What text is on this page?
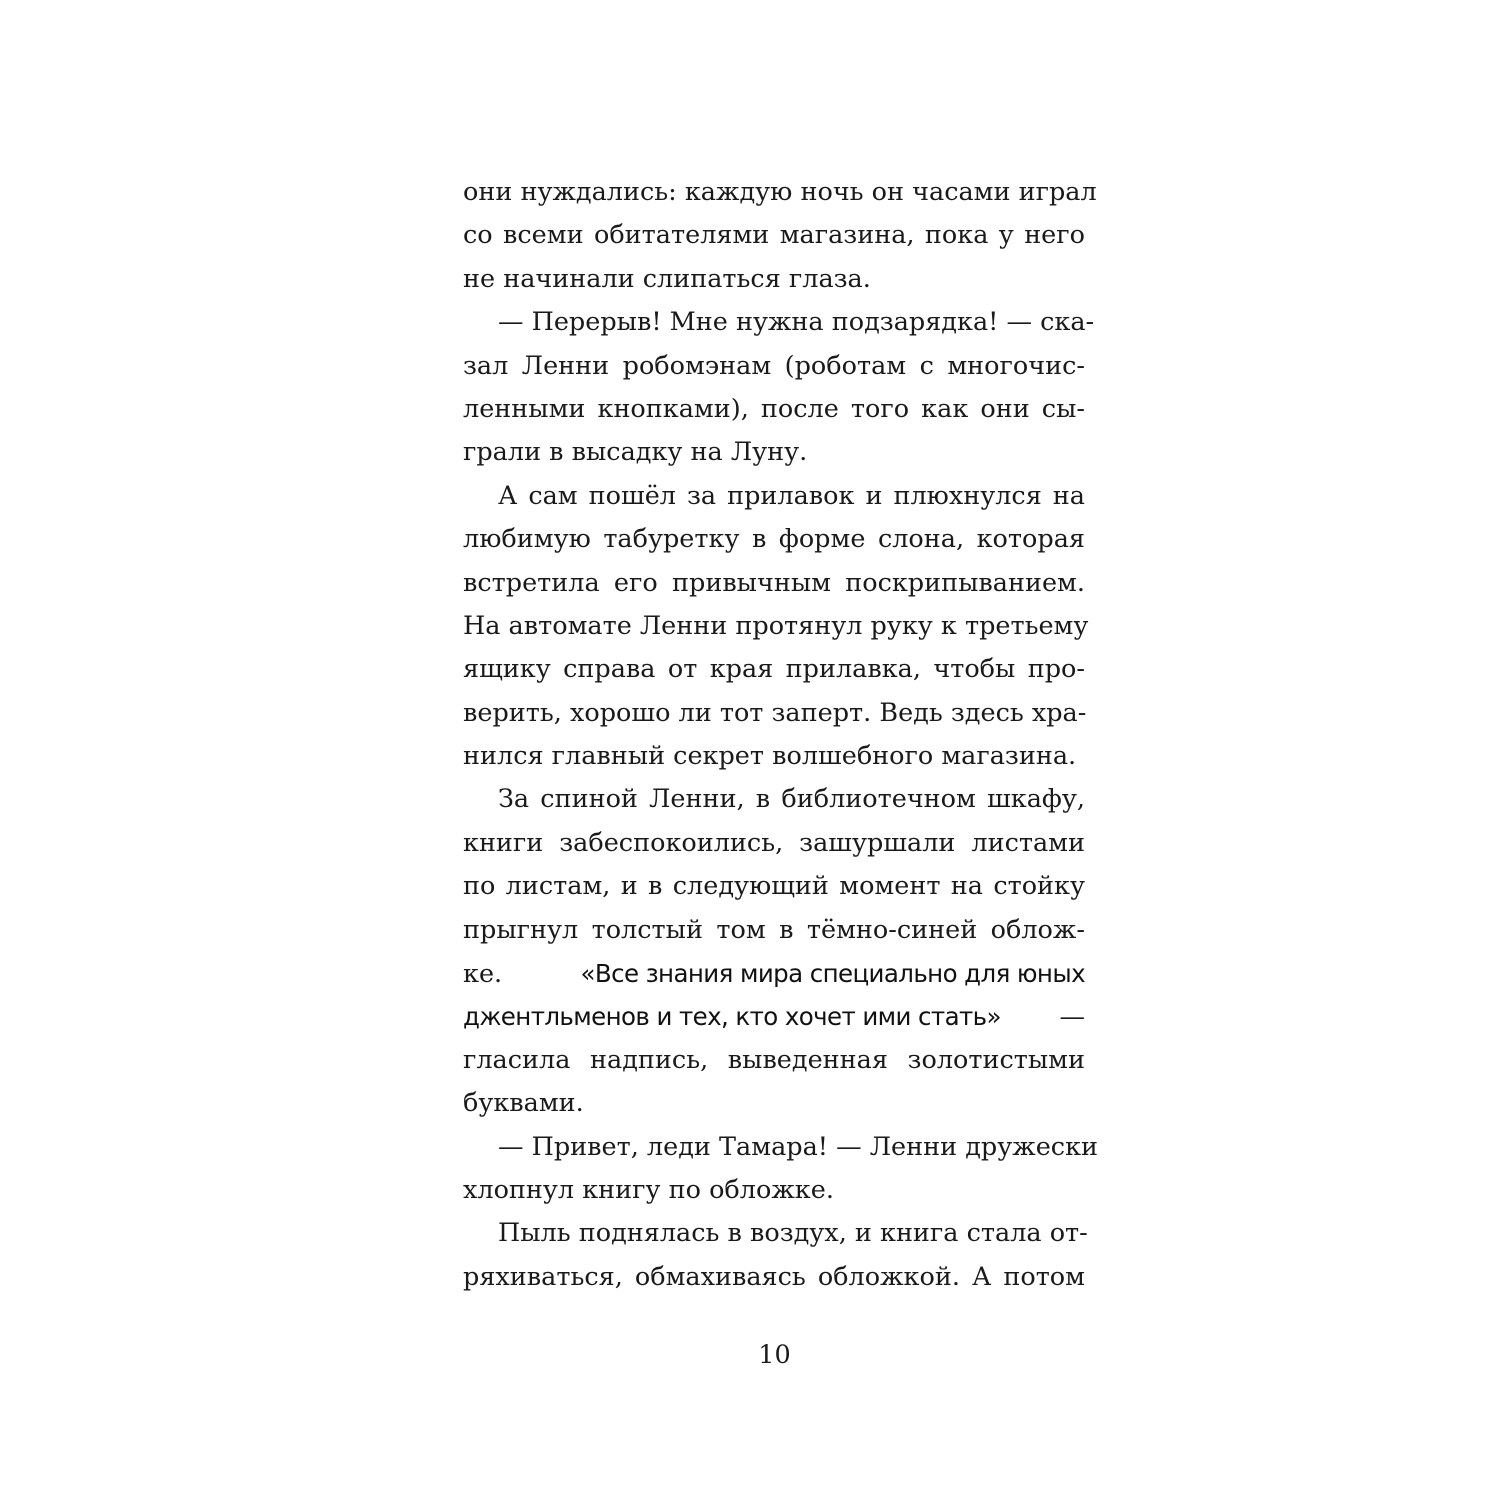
они нуждались: каждую ночь он часами играл
со всеми обитателями магазина, пока у него
не начинали слипаться глаза.
— Перерыв! Мне нужна подзарядка! — ска-
зал Ленни робомэнам (роботам с многочис-
ленными кнопками), после того как они сы-
грали в высадку на Луну.
А сам пошёл за прилавок и плюхнулся на
любимую табуретку в форме слона, которая
встретила его привычным поскрипыванием.
На автомате Ленни протянул руку к третьему
ящику справа от края прилавка, чтобы про-
верить, хорошо ли тот заперт. Ведь здесь хра-
нился главный секрет волшебного магазина.
За спиной Ленни, в библиотечном шкафу,
книги забеспокоились, зашуршали листами
по листам, и в следующий момент на стойку
прыгнул толстый том в тёмно-синей облож-
ке.	«Все знания мира специально для юных
джентльменов и тех, кто хочет ими стать» —
гласила надпись, выведенная золотистыми
буквами.
— Привет, леди Тамара! — Ленни дружески
хлопнул книгу по обложке.
Пыль поднялась в воздух, и книга стала от-
ряхиваться, обмахиваясь обложкой. А потом
10
